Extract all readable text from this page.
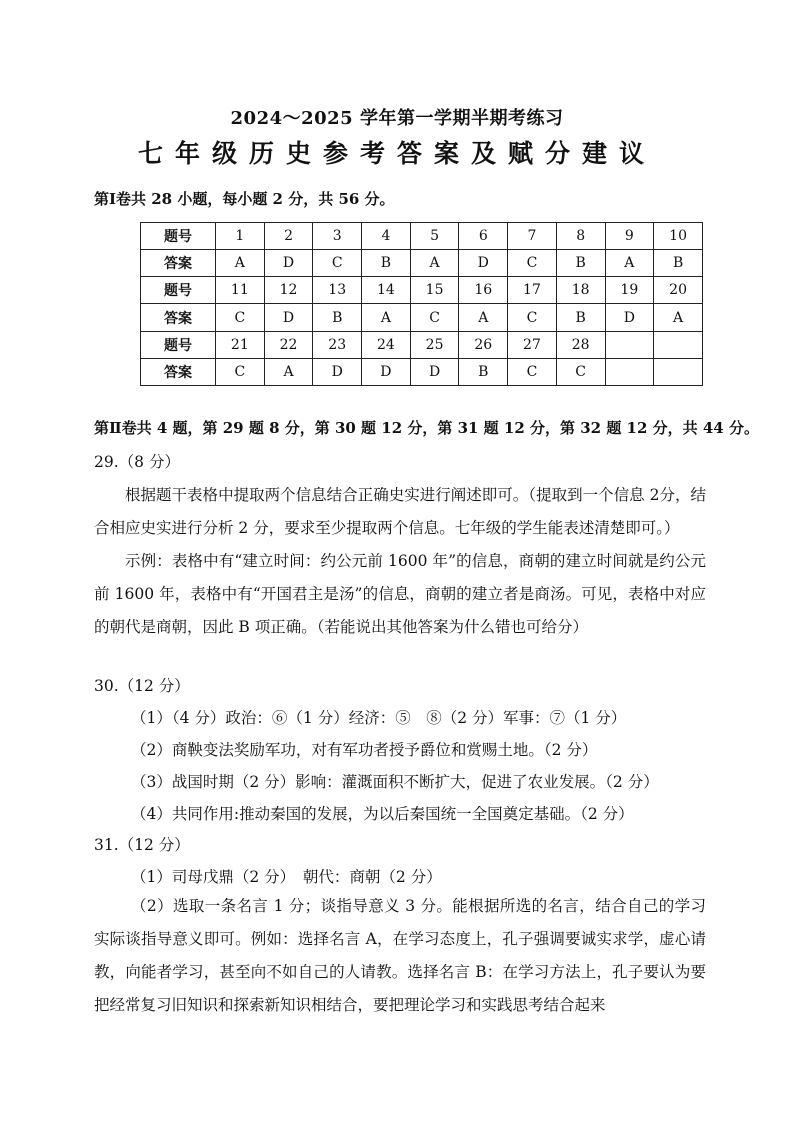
2024～2025 学年第一学期半期考练习
七年级历史参考答案及赋分建议
第Ⅰ卷共 28 小题，每小题 2 分，共 56 分。
题号	1	2	3	4	5	6	7	8	9	10
答案	A	D	C	B	A	D	C	B	A	B
题号	11	12	13	14	15	16	17	18	19	20
答案	C	D	B	A	C	A	C	B	D	A
题号	21	22	23	24	25	26	27	28		
答案	C	A	D	D	D	B	C	C		
第Ⅱ卷共 4 题，第 29 题 8 分，第 30 题 12 分，第 31 题 12 分，第 32 题 12 分，共 44 分。
29.（8 分）

根据题干表格中提取两个信息结合正确史实进行阐述即可。（提取到一个信息 2分，结合相应史实进行分析 2 分，要求至少提取两个信息。七年级的学生能表述清楚即可。）

示例：表格中有“建立时间：约公元前 1600 年”的信息，商朝的建立时间就是约公元前 1600 年，表格中有“开国君主是汤”的信息，商朝的建立者是商汤。可见，表格中对应的朝代是商朝，因此 B 项正确。（若能说出其他答案为什么错也可给分）

30.（12 分）
（1）（4 分）政治：⑥（1 分）经济：⑤　⑧（2 分）军事：⑦（1 分）
（2）商鞅变法奖励军功，对有军功者授予爵位和赏赐土地。（2 分）
（3）战国时期（2 分）影响：灌溉面积不断扩大，促进了农业发展。（2 分）
（4）共同作用:推动秦国的发展，为以后秦国统一全国奠定基础。（2 分）
31.（12 分）
（1）司母戊鼎（2 分）　朝代：商朝（2 分）

（2）选取一条名言 1 分；谈指导意义 3 分。能根据所选的名言，结合自己的学习实际谈指导意义即可。例如：选择名言 A，在学习态度上，孔子强调要诚实求学，虚心请教，向能者学习，甚至向不如自己的人请教。选择名言 B：在学习方法上，孔子要认为要把经常复习旧知识和探索新知识相结合，要把理论学习和实践思考结合起来
